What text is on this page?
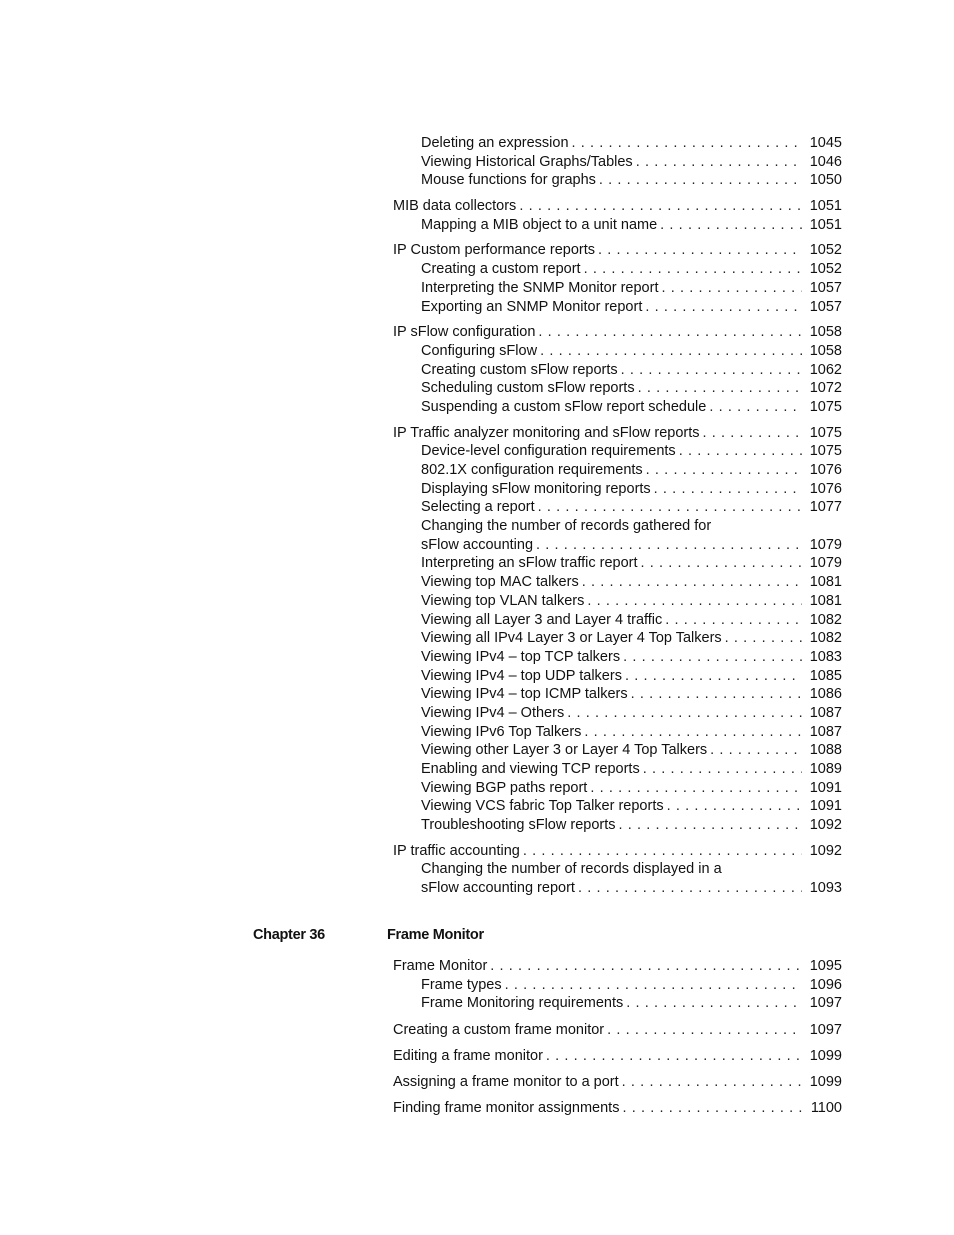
Deleting an expression . . .	1045
Viewing Historical Graphs/Tables . . .	1046
Mouse functions for graphs . . .	1050
MIB data collectors . . .	1051
Mapping a MIB object to a unit name . . .	1051
IP Custom performance reports . . .	1052
Creating a custom report . . .	1052
Interpreting the SNMP Monitor report . . .	1057
Exporting an SNMP Monitor report . . .	1057
IP sFlow configuration . . .	1058
Configuring sFlow . . .	1058
Creating custom sFlow reports . . .	1062
Scheduling custom sFlow reports . . .	1072
Suspending a custom sFlow report schedule . . .	1075
IP Traffic analyzer monitoring and sFlow reports . . .	1075
Device-level configuration requirements . . .	1075
802.1X configuration requirements . . .	1076
Displaying sFlow monitoring reports . . .	1076
Selecting a report . . .	1077
Changing the number of records gathered for
sFlow accounting . . .	1079
Interpreting an sFlow traffic report . . .	1079
Viewing top MAC talkers . . .	1081
Viewing top VLAN talkers . . .	1081
Viewing all Layer 3 and Layer 4 traffic . . .	1082
Viewing all IPv4 Layer 3 or Layer 4 Top Talkers . . .	1082
Viewing IPv4 – top TCP talkers . . .	1083
Viewing IPv4 – top UDP talkers . . .	1085
Viewing IPv4 – top ICMP talkers . . .	1086
Viewing IPv4 – Others . . .	1087
Viewing IPv6 Top Talkers . . .	1087
Viewing other Layer 3 or Layer 4 Top Talkers . . .	1088
Enabling and viewing TCP reports . . .	1089
Viewing BGP paths report . . .	1091
Viewing VCS fabric Top Talker reports . . .	1091
Troubleshooting sFlow reports . . .	1092
IP traffic accounting . . .	1092
Changing the number of records displayed in a
sFlow accounting report . . .	1093
Chapter 36	Frame Monitor
Frame Monitor . . .	1095
Frame types . . .	1096
Frame Monitoring requirements . . .	1097
Creating a custom frame monitor . . .	1097
Editing a frame monitor . . .	1099
Assigning a frame monitor to a port . . .	1099
Finding frame monitor assignments . . .	1100
